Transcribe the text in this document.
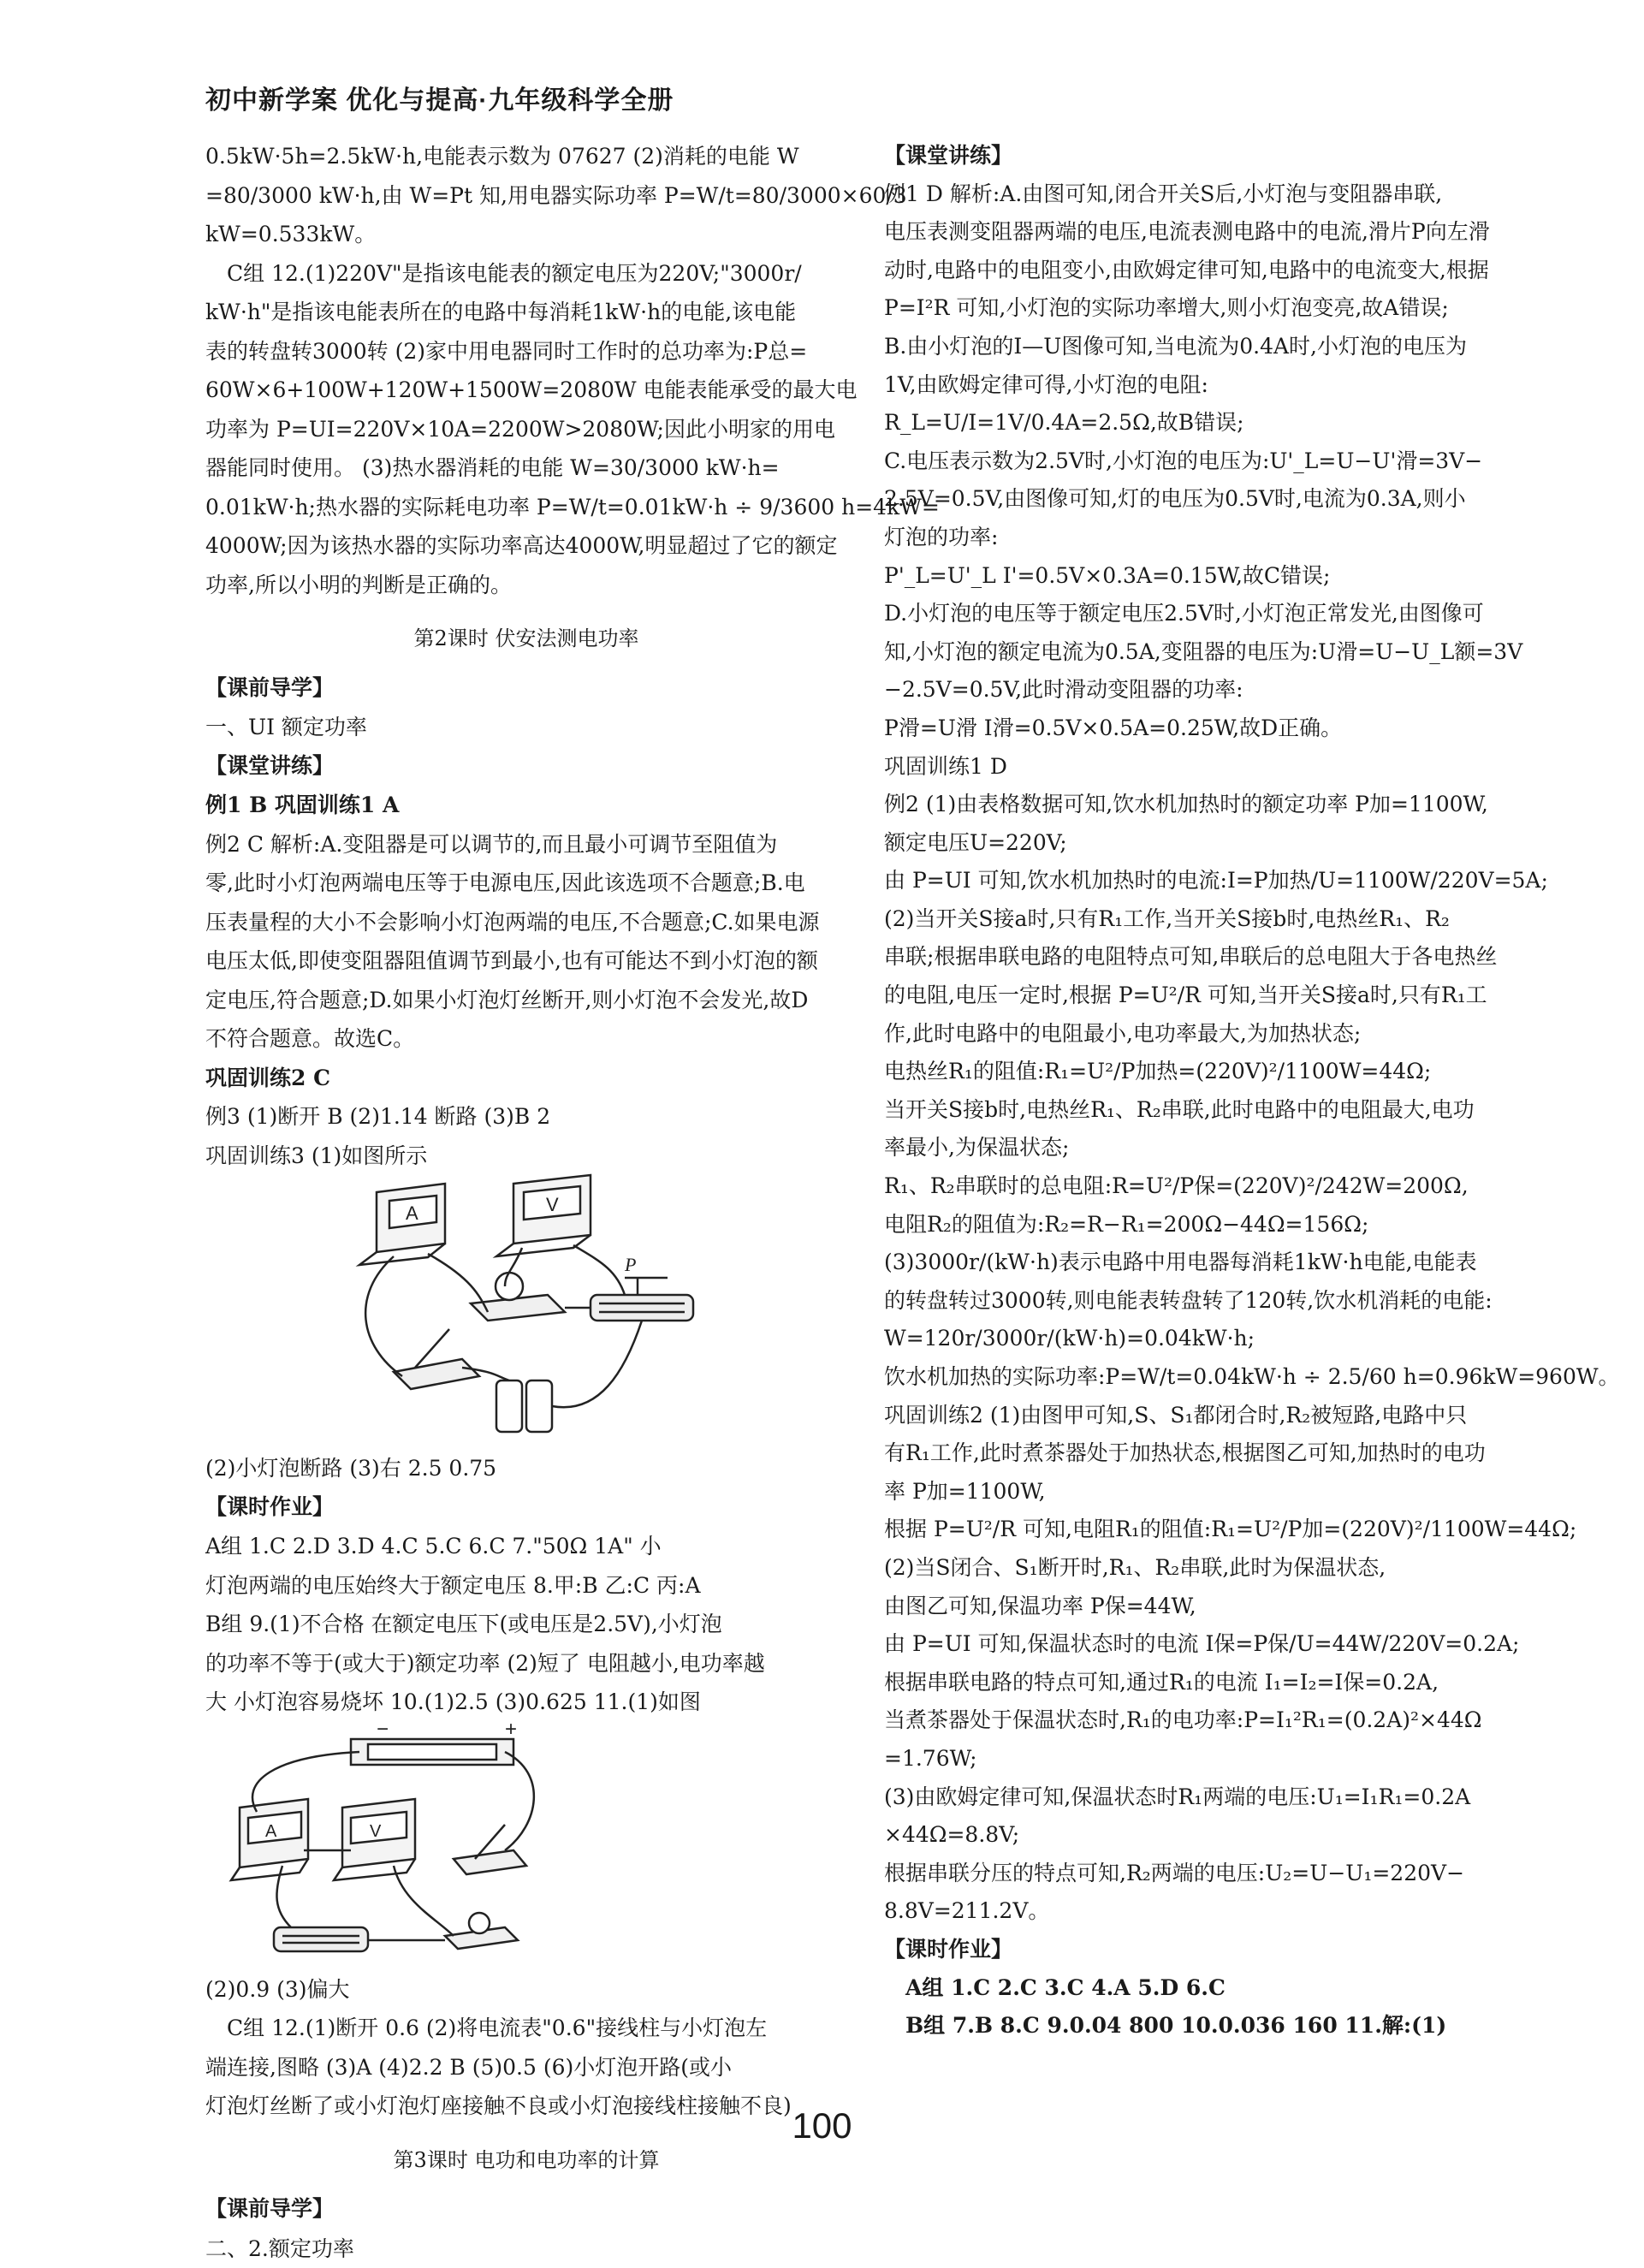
初中新学案 优化与提高·九年级科学全册
0.5kW·5h=2.5kW·h,电能表示数为 07627 (2)消耗的电能 W
=80/3000 kW·h,由 W=Pt 知,用电器实际功率 P=W/t=80/3000×60/3
kW=0.533kW。
C组 12.(1)220V"是指该电能表的额定电压为220V;"3000r/
kW·h"是指该电能表所在的电路中每消耗1kW·h的电能,该电能
表的转盘转3000转 (2)家中用电器同时工作时的总功率为:P总=
60W×6+100W+120W+1500W=2080W 电能表能承受的最大电
功率为 P=UI=220V×10A=2200W>2080W;因此小明家的用电
器能同时使用。 (3)热水器消耗的电能 W=30/3000 kW·h=
0.01kW·h;热水器的实际耗电功率 P=W/t=0.01kW·h ÷ 9/3600 h=4kW=
4000W;因为该热水器的实际功率高达4000W,明显超过了它的额定
功率,所以小明的判断是正确的。
第2课时 伏安法测电功率
【课前导学】
一、UI 额定功率
【课堂讲练】
例1 B 巩固训练1 A
例2 C 解析:A.变阻器是可以调节的,而且最小可调节至阻值为
零,此时小灯泡两端电压等于电源电压,因此该选项不合题意;B.电
压表量程的大小不会影响小灯泡两端的电压,不合题意;C.如果电源
电压太低,即使变阻器阻值调节到最小,也有可能达不到小灯泡的额
定电压,符合题意;D.如果小灯泡灯丝断开,则小灯泡不会发光,故D
不符合题意。故选C。
巩固训练2 C
例3 (1)断开 B (2)1.14 断路 (3)B 2
巩固训练3 (1)如图所示
A	V
P
(2)小灯泡断路 (3)右 2.5 0.75
【课时作业】
A组 1.C 2.D 3.D 4.C 5.C 6.C 7."50Ω 1A" 小
灯泡两端的电压始终大于额定电压 8.甲:B 乙:C 丙:A
B组 9.(1)不合格 在额定电压下(或电压是2.5V),小灯泡
的功率不等于(或大于)额定功率 (2)短了 电阻越小,电功率越
大 小灯泡容易烧坏 10.(1)2.5 (3)0.625 11.(1)如图
−	+
A	V
(2)0.9 (3)偏大
C组 12.(1)断开 0.6 (2)将电流表"0.6"接线柱与小灯泡左
端连接,图略 (3)A (4)2.2 B (5)0.5 (6)小灯泡开路(或小
灯泡灯丝断了或小灯泡灯座接触不良或小灯泡接线柱接触不良)
第3课时 电功和电功率的计算
【课前导学】
二、2.额定功率
【课堂讲练】
例1 D 解析:A.由图可知,闭合开关S后,小灯泡与变阻器串联,
电压表测变阻器两端的电压,电流表测电路中的电流,滑片P向左滑
动时,电路中的电阻变小,由欧姆定律可知,电路中的电流变大,根据
P=I²R 可知,小灯泡的实际功率增大,则小灯泡变亮,故A错误;
B.由小灯泡的I—U图像可知,当电流为0.4A时,小灯泡的电压为
1V,由欧姆定律可得,小灯泡的电阻:
R_L=U/I=1V/0.4A=2.5Ω,故B错误;
C.电压表示数为2.5V时,小灯泡的电压为:U'_L=U−U'滑=3V−
2.5V=0.5V,由图像可知,灯的电压为0.5V时,电流为0.3A,则小
灯泡的功率:
P'_L=U'_L I'=0.5V×0.3A=0.15W,故C错误;
D.小灯泡的电压等于额定电压2.5V时,小灯泡正常发光,由图像可
知,小灯泡的额定电流为0.5A,变阻器的电压为:U滑=U−U_L额=3V
−2.5V=0.5V,此时滑动变阻器的功率:
P滑=U滑 I滑=0.5V×0.5A=0.25W,故D正确。
巩固训练1 D
例2 (1)由表格数据可知,饮水机加热时的额定功率 P加=1100W,
额定电压U=220V;
由 P=UI 可知,饮水机加热时的电流:I=P加热/U=1100W/220V=5A;
(2)当开关S接a时,只有R₁工作,当开关S接b时,电热丝R₁、R₂
串联;根据串联电路的电阻特点可知,串联后的总电阻大于各电热丝
的电阻,电压一定时,根据 P=U²/R 可知,当开关S接a时,只有R₁工
作,此时电路中的电阻最小,电功率最大,为加热状态;
电热丝R₁的阻值:R₁=U²/P加热=(220V)²/1100W=44Ω;
当开关S接b时,电热丝R₁、R₂串联,此时电路中的电阻最大,电功
率最小,为保温状态;
R₁、R₂串联时的总电阻:R=U²/P保=(220V)²/242W=200Ω,
电阻R₂的阻值为:R₂=R−R₁=200Ω−44Ω=156Ω;
(3)3000r/(kW·h)表示电路中用电器每消耗1kW·h电能,电能表
的转盘转过3000转,则电能表转盘转了120转,饮水机消耗的电能:
W=120r/3000r/(kW·h)=0.04kW·h;
饮水机加热的实际功率:P=W/t=0.04kW·h ÷ 2.5/60 h=0.96kW=960W。
巩固训练2 (1)由图甲可知,S、S₁都闭合时,R₂被短路,电路中只
有R₁工作,此时煮茶器处于加热状态,根据图乙可知,加热时的电功
率 P加=1100W,
根据 P=U²/R 可知,电阻R₁的阻值:R₁=U²/P加=(220V)²/1100W=44Ω;
(2)当S闭合、S₁断开时,R₁、R₂串联,此时为保温状态,
由图乙可知,保温功率 P保=44W,
由 P=UI 可知,保温状态时的电流 I保=P保/U=44W/220V=0.2A;
根据串联电路的特点可知,通过R₁的电流 I₁=I₂=I保=0.2A,
当煮茶器处于保温状态时,R₁的电功率:P=I₁²R₁=(0.2A)²×44Ω
=1.76W;
(3)由欧姆定律可知,保温状态时R₁两端的电压:U₁=I₁R₁=0.2A
×44Ω=8.8V;
根据串联分压的特点可知,R₂两端的电压:U₂=U−U₁=220V−
8.8V=211.2V。
【课时作业】
A组 1.C 2.C 3.C 4.A 5.D 6.C
B组 7.B 8.C 9.0.04 800 10.0.036 160 11.解:(1)
100
